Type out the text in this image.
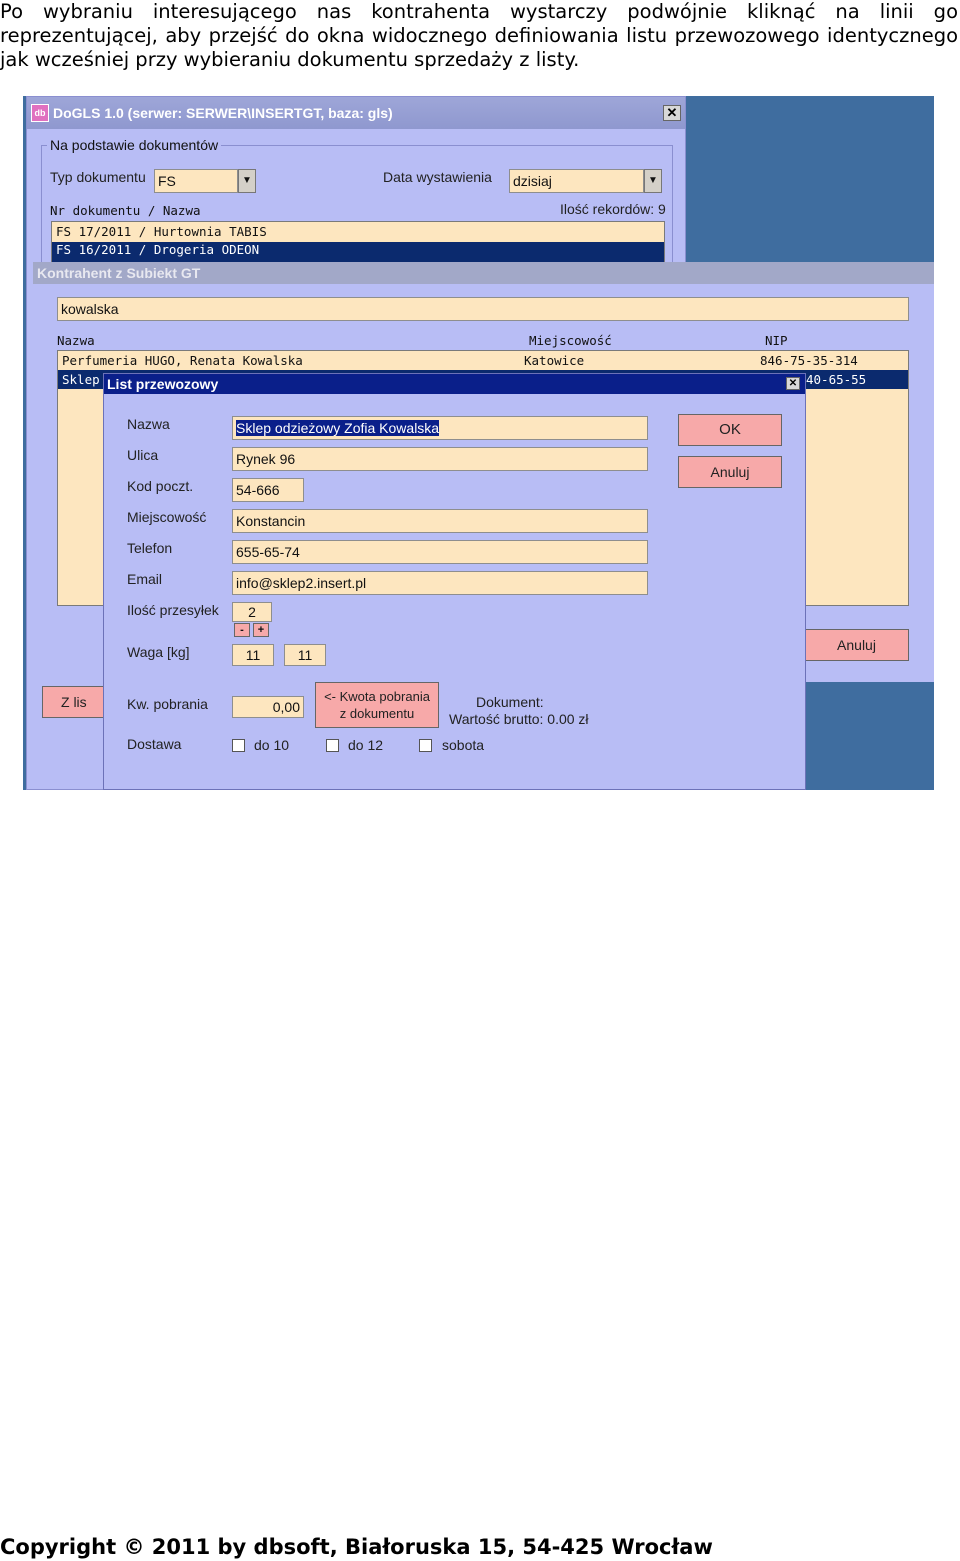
Po wybraniu interesującego nas kontrahenta wystarczy podwójnie kliknąć na linii go reprezentującej, aby przejść do okna widocznego definiowania listu przewozowego identycznego jak wcześniej przy wybieraniu dokumentu sprzedaży z listy.
db DoGLS 1.0 (serwer: SERWER\INSERTGT, baza: gls)	✕
Na podstawie dokumentów
Typ dokumentu FS	▼	Data wystawienia dzisiaj	▼
Nr dokumentu / Nazwa	Ilość rekordów: 9
FS 17/2011 / Hurtownia TABIS
FS 16/2011 / Drogeria ODEON
Z lis
Kontrahent z Subiekt GT
kowalska
Nazwa	Miejscowość	NIP
Perfumeria HUGO, Renata Kowalska	Katowice	846-75-35-314
Sklep	40-65-55
Anuluj
List przewozowy	✕
Nazwa	Sklep odzieżowy Zofia Kowalska
Ulica	Rynek 96
Kod poczt.	54-666
Miejscowość Konstancin
Telefon	655-65-74
Email	info@sklep2.insert.pl
Ilość przesyłek	2
-	+
Waga [kg]	11	11
Kw. pobrania	0,00
<- Kwota pobrania
z dokumentu
Dokument:
Wartość brutto: 0.00 zł
Dostawa	do 10	do 12	sobota
OK
Anuluj
Copyright © 2011 by dbsoft, Białoruska 15, 54-425 Wrocław
